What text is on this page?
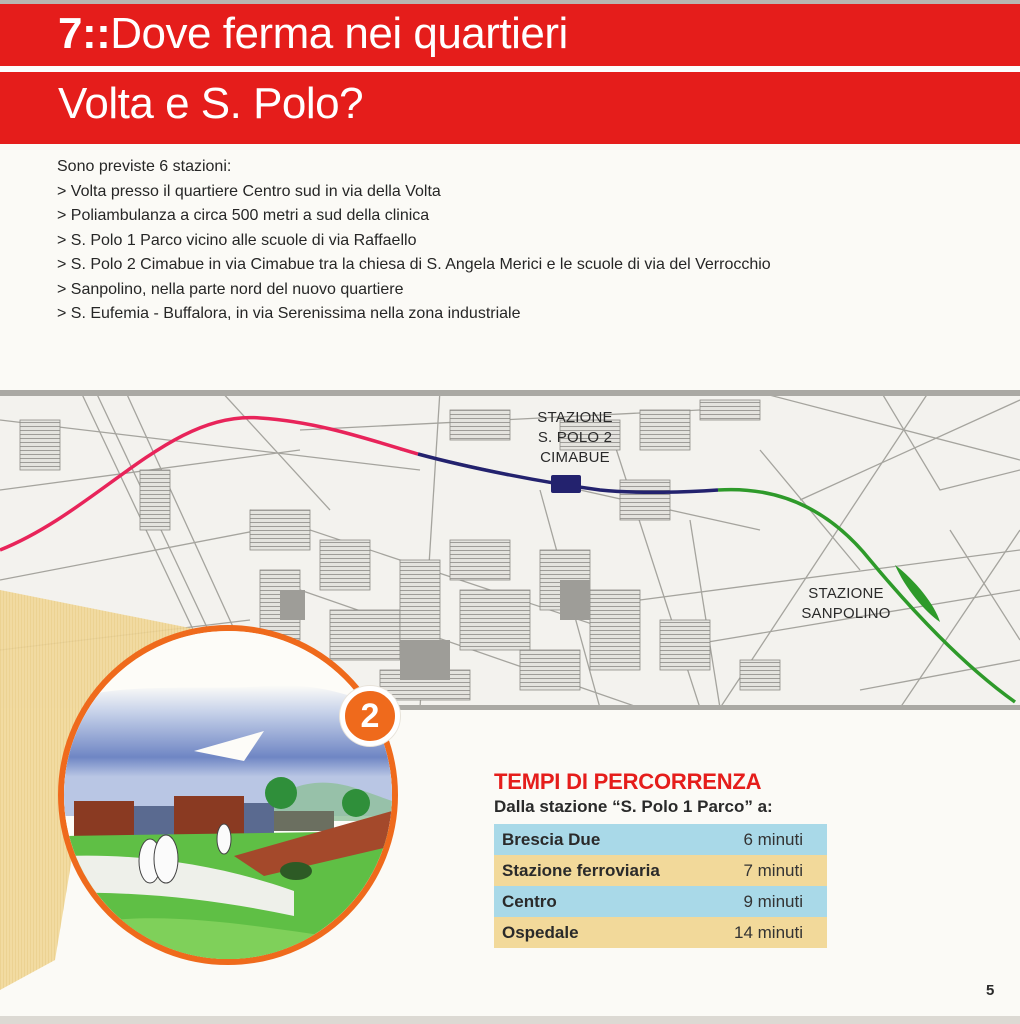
7::Dove ferma nei quartieri
Volta e S. Polo?
Sono previste 6 stazioni:
> Volta presso il quartiere Centro sud in via della Volta
> Poliambulanza a circa 500 metri a sud della clinica
> S. Polo 1 Parco vicino alle scuole di via Raffaello
> S. Polo 2 Cimabue in via Cimabue tra la chiesa di S. Angela Merici e le scuole di via del Verrocchio
> Sanpolino, nella parte nord del nuovo quartiere
> S. Eufemia - Buffalora, in via Serenissima nella zona industriale
STAZIONE
S. POLO 2
CIMABUE
STAZIONE
SANPOLINO
2
TEMPI DI PERCORRENZA
Dalla stazione “S. Polo 1 Parco” a:
Brescia Due	6 minuti
Stazione ferroviaria	7 minuti
Centro	9 minuti
Ospedale	14 minuti
5
